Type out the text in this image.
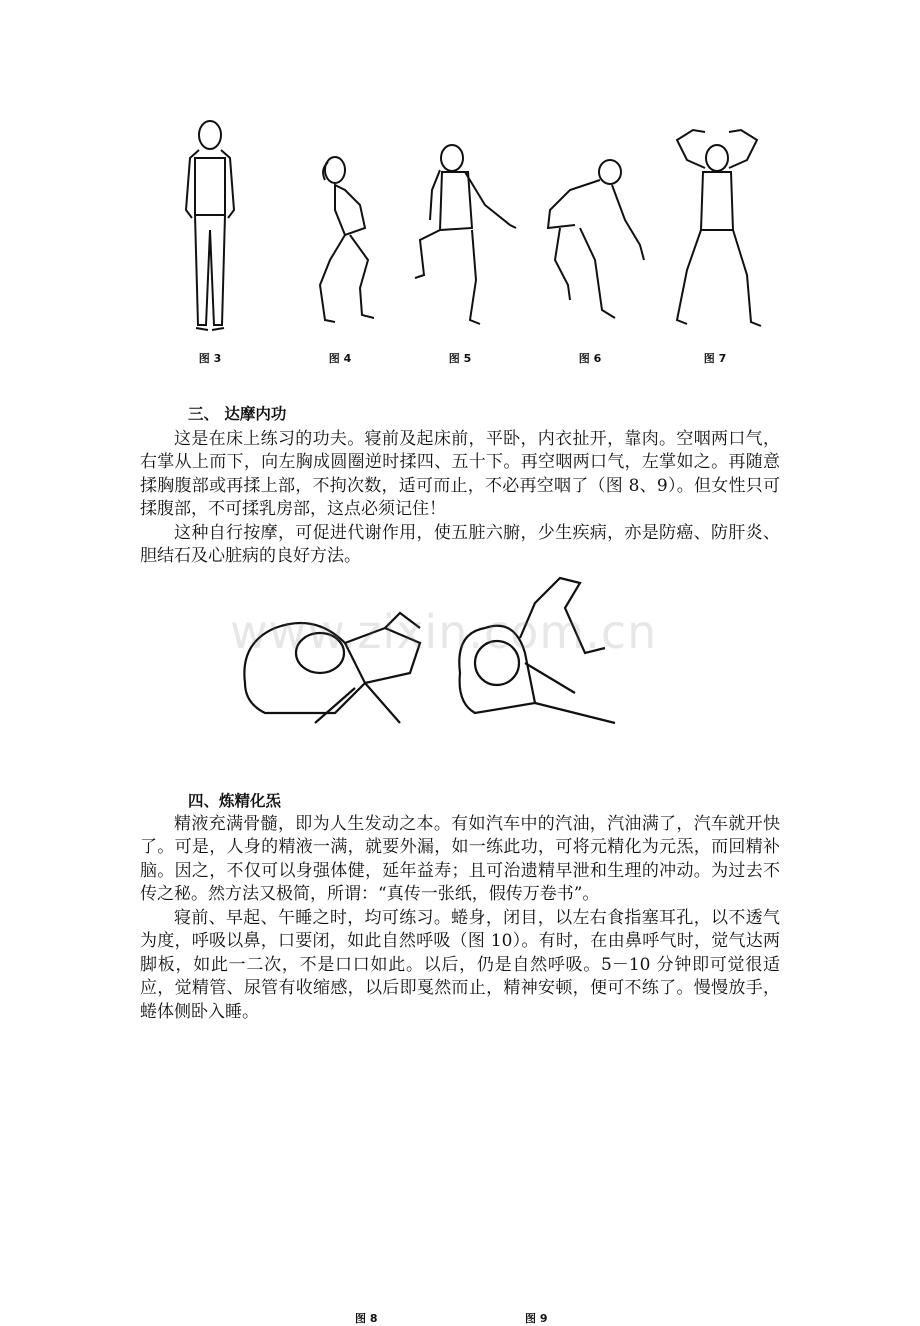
图 3	图 4	图 5	图 6	图 7
三、 达摩内功
这是在床上练习的功夫。寝前及起床前，平卧，内衣扯开，靠肉。空咽两口气，右掌从上而下，向左胸成圆圈逆时揉四、五十下。再空咽两口气，左掌如之。再随意揉胸腹部或再揉上部，不拘次数，适可而止，不必再空咽了（图 8、9）。但女性只可揉腹部，不可揉乳房部，这点必须记住！
这种自行按摩，可促进代谢作用，使五脏六腑，少生疾病，亦是防癌、防肝炎、胆结石及心脏病的良好方法。
图 8	图 9
www.zixin.com.cn
四、炼精化炁
精液充满骨髓，即为人生发动之本。有如汽车中的汽油，汽油满了，汽车就开快了。可是，人身的精液一满，就要外漏，如一练此功，可将元精化为元炁，而回精补脑。因之，不仅可以身强体健，延年益寿；且可治遗精早泄和生理的冲动。为过去不传之秘。然方法又极简，所谓：“真传一张纸，假传万卷书”。
寝前、早起、午睡之时，均可练习。蜷身，闭目，以左右食指塞耳孔，以不透气为度，呼吸以鼻，口要闭，如此自然呼吸（图 10）。有时，在由鼻呼气时，觉气达两脚板，如此一二次，不是口口如此。以后，仍是自然呼吸。5－10 分钟即可觉很适应，觉精管、尿管有收缩感，以后即戛然而止，精神安顿，便可不练了。慢慢放手，蜷体侧卧入睡。
